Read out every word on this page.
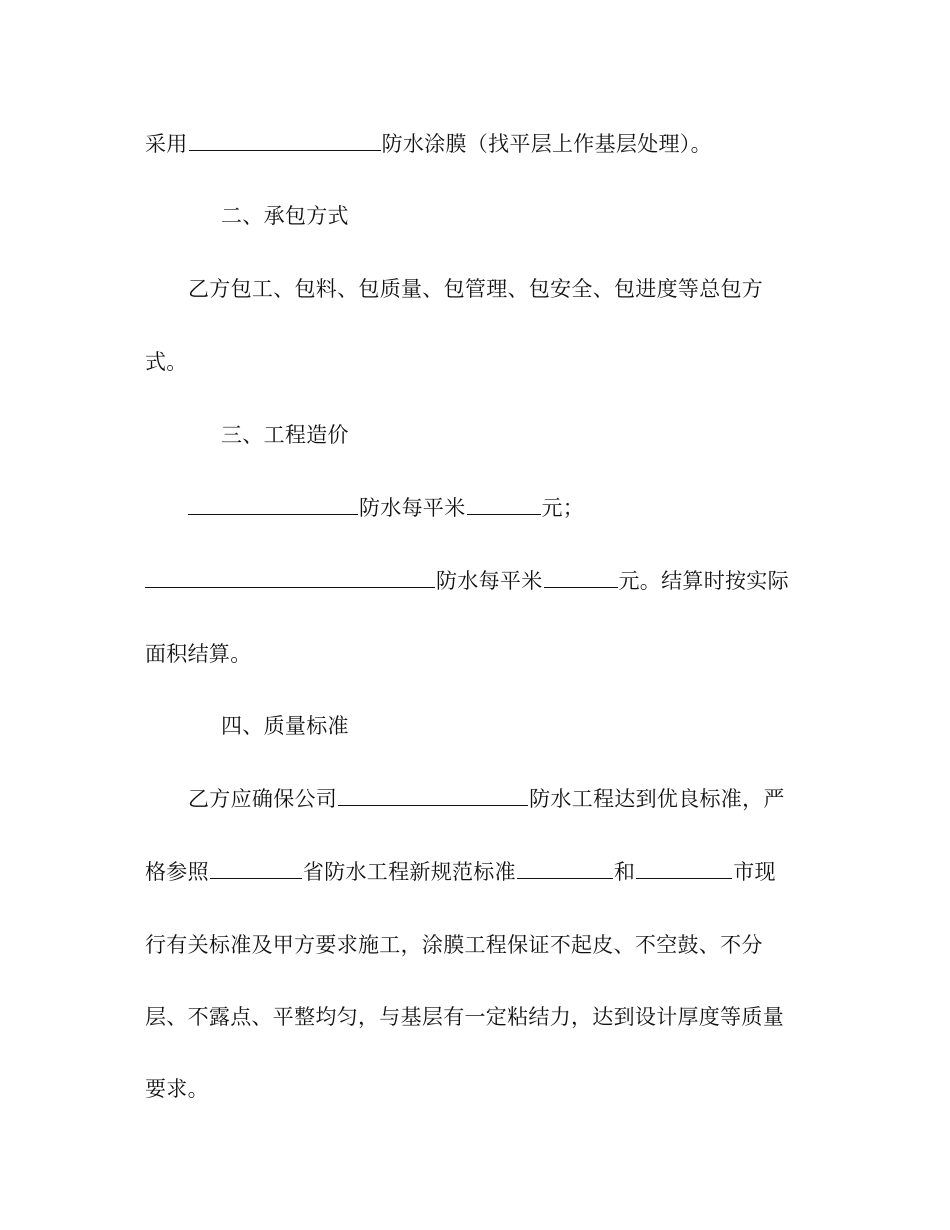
采用	防水涂膜（找平层上作基层处理）。
二、承包方式
乙方包工、包料、包质量、包管理、包安全、包进度等总包方
式。
三、工程造价
防水每平米	元；
防水每平米	元。结算时按实际
面积结算。
四、质量标准
乙方应确保公司	防水工程达到优良标准，严
格参照	省防水工程新规范标准	和	市现
行有关标准及甲方要求施工，涂膜工程保证不起皮、不空鼓、不分
层、不露点、平整均匀，与基层有一定粘结力，达到设计厚度等质量
要求。
